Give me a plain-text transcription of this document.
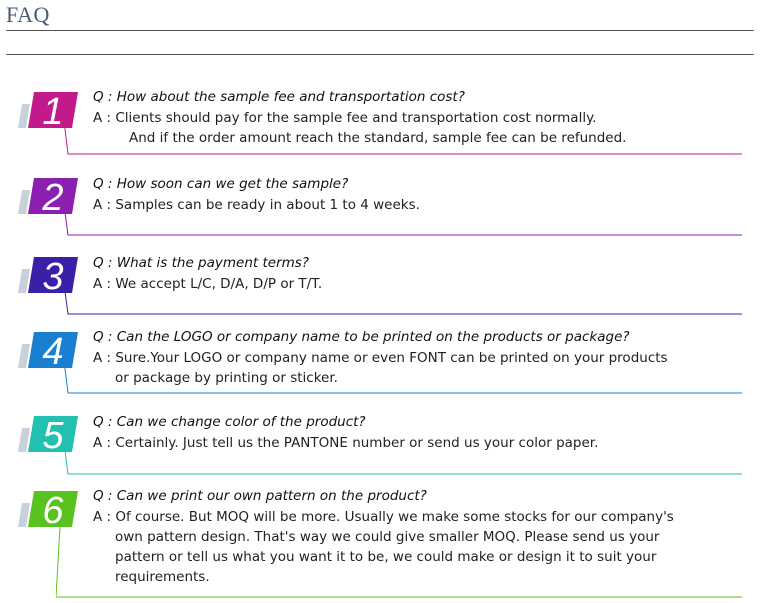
FAQ
1 Q : How about the sample fee and transportation cost?
A : Clients should pay for the sample fee and transportation cost normally.
And if the order amount reach the standard, sample fee can be refunded.
2 Q : How soon can we get the sample?
A : Samples can be ready in about 1 to 4 weeks.
3 Q : What is the payment terms?
A : We accept L/C, D/A, D/P or T/T.
4 Q : Can the LOGO or company name to be printed on the products or package?
A : Sure.Your LOGO or company name or even FONT can be printed on your products
or package by printing or sticker.
5 Q : Can we change color of the product?
A : Certainly. Just tell us the PANTONE number or send us your color paper.
6 Q : Can we print our own pattern on the product?
A : Of course. But MOQ will be more. Usually we make some stocks for our company's
own pattern design. That's way we could give smaller MOQ. Please send us your
pattern or tell us what you want it to be, we could make or design it to suit your
requirements.
